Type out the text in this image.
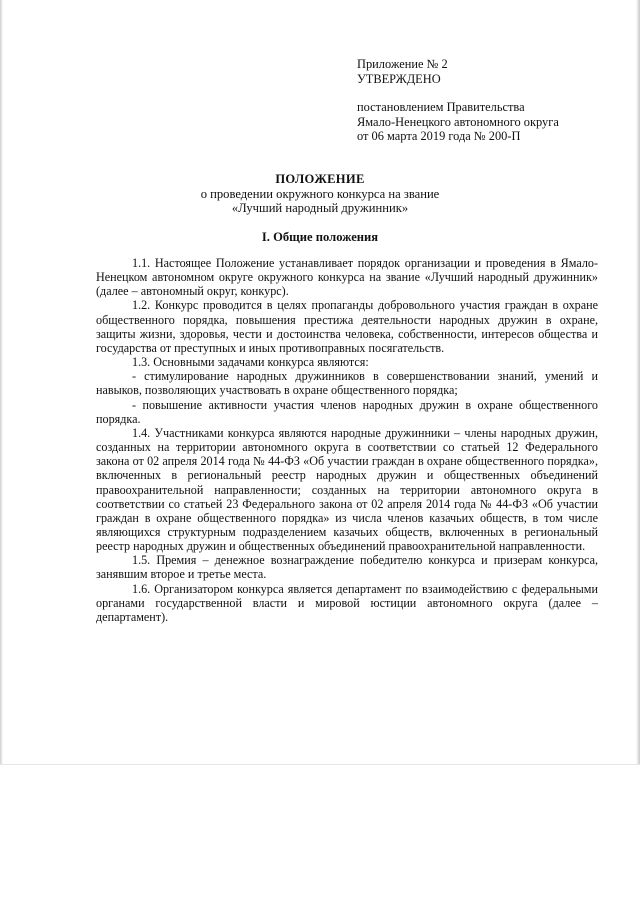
Приложение № 2
УТВЕРЖДЕНО
постановлением Правительства
Ямало-Ненецкого автономного округа
от 06 марта 2019 года № 200-П
ПОЛОЖЕНИЕ
о проведении окружного конкурса на звание
«Лучший народный дружинник»
I. Общие положения

1.1. Настоящее Положение устанавливает порядок организации и проведения в Ямало-Ненецком автономном округе окружного конкурса на звание «Лучший народный дружинник» (далее – автономный округ, конкурс).

1.2. Конкурс проводится в целях пропаганды добровольного участия граждан в охране общественного порядка, повышения престижа деятельности народных дружин в охране, защиты жизни, здоровья, чести и достоинства человека, собственности, интересов общества и государства от преступных и иных противоправных посягательств.

1.3. Основными задачами конкурса являются:

- стимулирование народных дружинников в совершенствовании знаний, умений и навыков, позволяющих участвовать в охране общественного порядка;

- повышение активности участия членов народных дружин в охране общественного порядка.

1.4. Участниками конкурса являются народные дружинники – члены народных дружин, созданных на территории автономного округа в соответствии со статьей 12 Федерального закона от 02 апреля 2014 года № 44-ФЗ «Об участии граждан в охране общественного порядка», включенных в региональный реестр народных дружин и общественных объединений правоохранительной направленности; созданных на территории автономного округа в соответствии со статьей 23 Федерального закона от 02 апреля 2014 года № 44-ФЗ «Об участии граждан в охране общественного порядка» из числа членов казачьих обществ, в том числе являющихся структурным подразделением казачьих обществ, включенных в региональный реестр народных дружин и общественных объединений правоохранительной направленности.

1.5. Премия – денежное вознаграждение победителю конкурса и призерам конкурса, занявшим второе и третье места.

1.6. Организатором конкурса является департамент по взаимодействию с федеральными органами государственной власти и мировой юстиции автономного округа (далее – департамент).
